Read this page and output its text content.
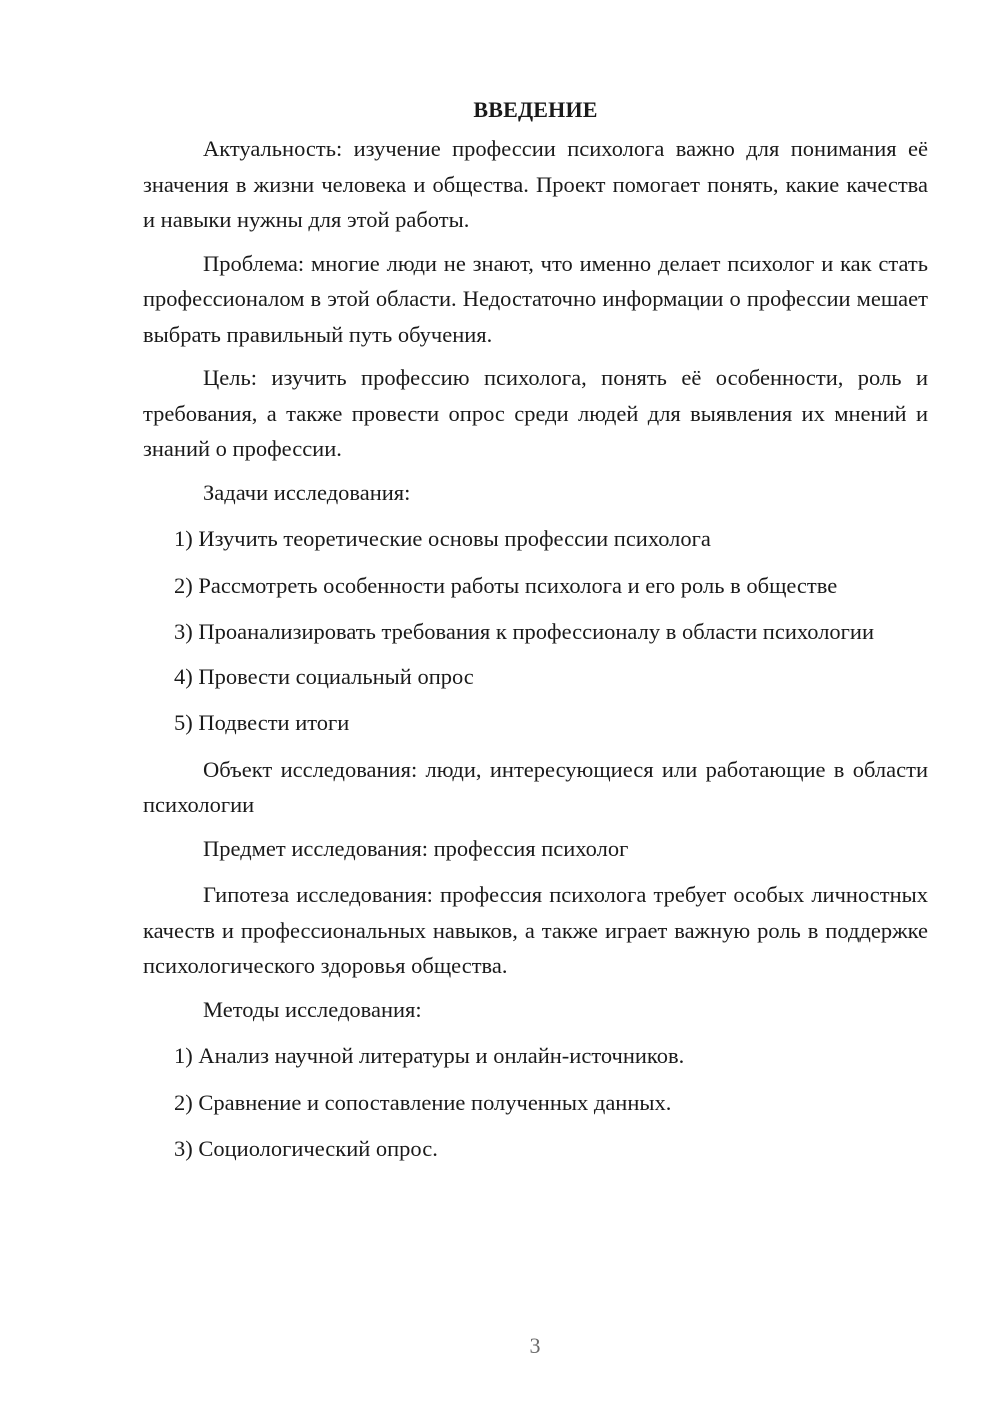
ВВЕДЕНИЕ

Актуальность: изучение профессии психолога важно для понимания её значения в жизни человека и общества. Проект помогает понять, какие качества и навыки нужны для этой работы.

Проблема: многие люди не знают, что именно делает психолог и как стать профессионалом в этой области. Недостаточно информации о профессии мешает выбрать правильный путь обучения.

Цель: изучить профессию психолога, понять её особенности, роль и требования, а также провести опрос среди людей для выявления их мнений и знаний о профессии.

Задачи исследования:

1) Изучить теоретические основы профессии психолога

2) Рассмотреть особенности работы психолога и его роль в обществе

3) Проанализировать требования к профессионалу в области психологии

4) Провести социальный опрос

5) Подвести итоги

Объект исследования: люди, интересующиеся или работающие в области психологии

Предмет исследования: профессия психолог

Гипотеза исследования: профессия психолога требует особых личностных качеств и профессиональных навыков, а также играет важную роль в поддержке психологического здоровья общества.

Методы исследования:

1) Анализ научной литературы и онлайн-источников.

2) Сравнение и сопоставление полученных данных.

3) Социологический опрос.

3
